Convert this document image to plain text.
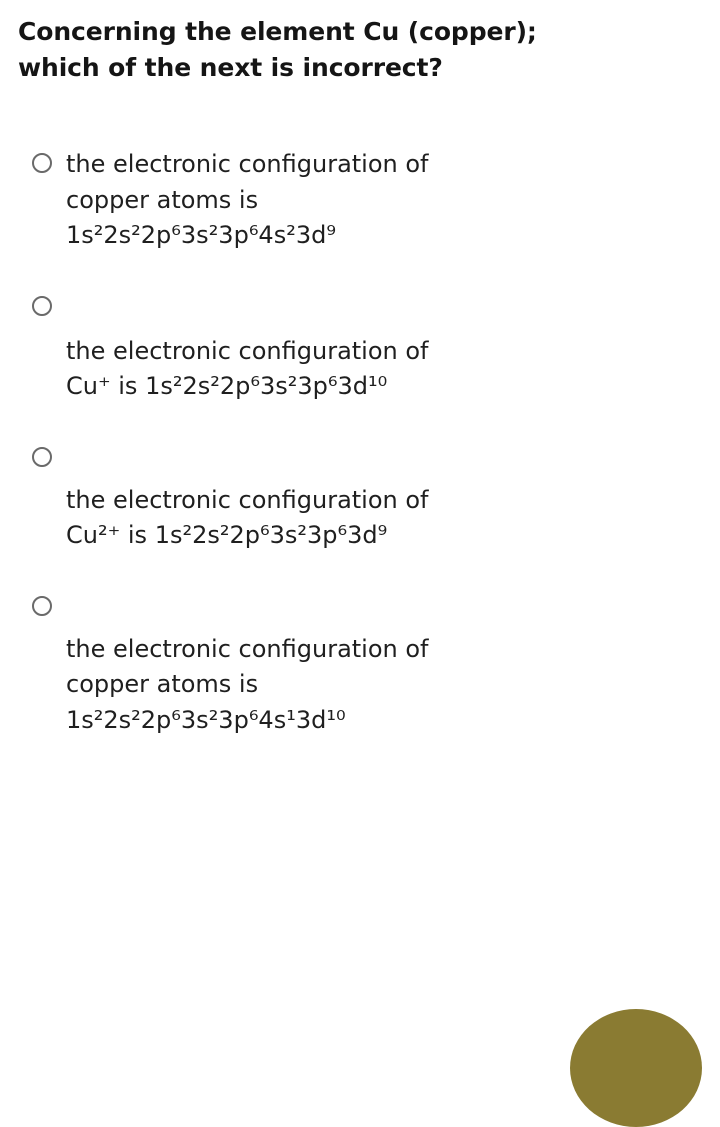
Concerning the element Cu (copper);
which of the next is incorrect?
the electronic configuration of
copper atoms is
1s²2s²2p⁶3s²3p⁶4s²3d⁹
the electronic configuration of
Cu⁺ is 1s²2s²2p⁶3s²3p⁶3d¹⁰
the electronic configuration of
Cu²⁺ is 1s²2s²2p⁶3s²3p⁶3d⁹
the electronic configuration of
copper atoms is
1s²2s²2p⁶3s²3p⁶4s¹3d¹⁰
